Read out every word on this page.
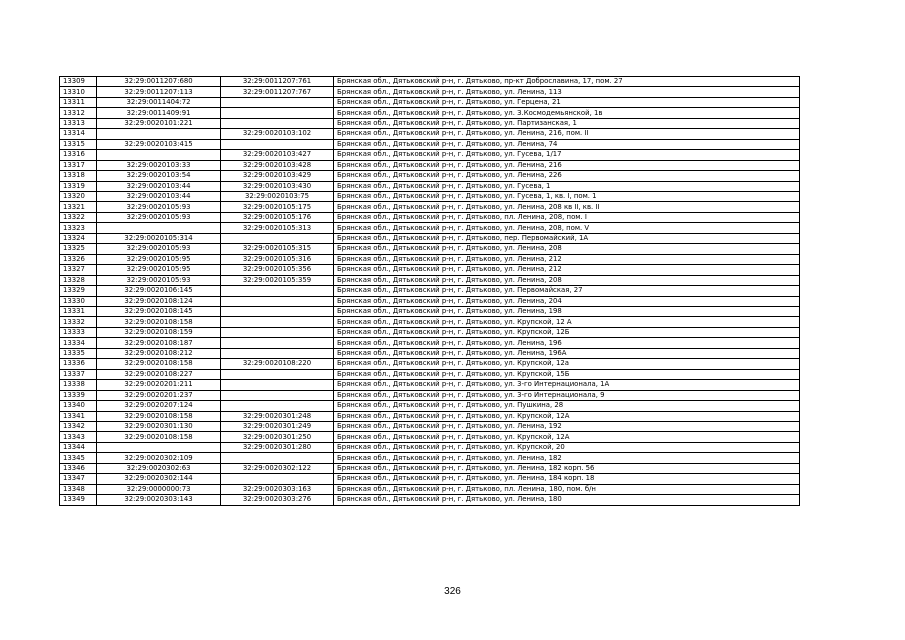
13309	32:29:0011207:680	32:29:0011207:761	Брянская обл., Дятьковский р-н, г. Дятьково, пр-кт Доброславина, 17, пом. 27
13310	32:29:0011207:113	32:29:0011207:767	Брянская обл., Дятьковский р-н, г. Дятьково, ул. Ленина, 113
13311	32:29:0011404:72		Брянская обл., Дятьковский р-н, г. Дятьково, ул. Герцена, 21
13312	32:29:0011409:91		Брянская обл., Дятьковский р-н, г. Дятьково, ул. З.Космодемьянской, 1в
13313	32:29:0020101:221		Брянская обл., Дятьковский р-н, г. Дятьково, ул. Партизанская, 1
13314		32:29:0020103:102	Брянская обл., Дятьковский р-н, г. Дятьково, ул. Ленина, 216, пом. II
13315	32:29:0020103:415		Брянская обл., Дятьковский р-н, г. Дятьково, ул. Ленина, 74
13316		32:29:0020103:427	Брянская обл., Дятьковский р-н, г. Дятьково, ул. Гусева, 1/17
13317	32:29:0020103:33	32:29:0020103:428	Брянская обл., Дятьковский р-н, г. Дятьково, ул. Ленина, 216
13318	32:29:0020103:54	32:29:0020103:429	Брянская обл., Дятьковский р-н, г. Дятьково, ул. Ленина, 226
13319	32:29:0020103:44	32:29:0020103:430	Брянская обл., Дятьковский р-н, г. Дятьково, ул. Гусева, 1
13320	32:29:0020103:44	32:29:0020103:75	Брянская обл., Дятьковский р-н, г. Дятьково, ул. Гусева, 1, кв. I, пом. 1
13321	32:29:0020105:93	32:29:0020105:175	Брянская обл., Дятьковский р-н, г. Дятьково, ул. Ленина, 208 кв II, кв. II
13322	32:29:0020105:93	32:29:0020105:176	Брянская обл., Дятьковский р-н, г. Дятьково, пл. Ленина, 208, пом. I
13323		32:29:0020105:313	Брянская обл., Дятьковский р-н, г. Дятьково, ул. Ленина, 208, пом. V
13324	32:29:0020105:314		Брянская обл., Дятьковский р-н, г. Дятьково, пер. Первомайский, 1А
13325	32:29:0020105:93	32:29:0020105:315	Брянская обл., Дятьковский р-н, г. Дятьково, ул. Ленина, 208
13326	32:29:0020105:95	32:29:0020105:316	Брянская обл., Дятьковский р-н, г. Дятьково, ул. Ленина, 212
13327	32:29:0020105:95	32:29:0020105:356	Брянская обл., Дятьковский р-н, г. Дятьково, ул. Ленина, 212
13328	32:29:0020105:93	32:29:0020105:359	Брянская обл., Дятьковский р-н, г. Дятьково, ул. Ленина, 208
13329	32:29:0020106:145		Брянская обл., Дятьковский р-н, г. Дятьково, ул. Первомайская, 27
13330	32:29:0020108:124		Брянская обл., Дятьковский р-н, г. Дятьково, ул. Ленина, 204
13331	32:29:0020108:145		Брянская обл., Дятьковский р-н, г. Дятьково, ул. Ленина, 198
13332	32:29:0020108:158		Брянская обл., Дятьковский р-н, г. Дятьково, ул. Крупской, 12 А
13333	32:29:0020108:159		Брянская обл., Дятьковский р-н, г. Дятьково, ул. Крупской, 12Б
13334	32:29:0020108:187		Брянская обл., Дятьковский р-н, г. Дятьково, ул. Ленина, 196
13335	32:29:0020108:212		Брянская обл., Дятьковский р-н, г. Дятьково, ул. Ленина, 196А
13336	32:29:0020108:158	32:29:0020108:220	Брянская обл., Дятьковский р-н, г. Дятьково, ул. Крупской, 12а
13337	32:29:0020108:227		Брянская обл., Дятьковский р-н, г. Дятьково, ул. Крупской, 15Б
13338	32:29:0020201:211		Брянская обл., Дятьковский р-н, г. Дятьково, ул. 3-го Интернационала, 1А
13339	32:29:0020201:237		Брянская обл., Дятьковский р-н, г. Дятьково, ул. 3-го Интернационала, 9
13340	32:29:0020207:124		Брянская обл., Дятьковский р-н, г. Дятьково, ул. Пушкина, 28
13341	32:29:0020108:158	32:29:0020301:248	Брянская обл., Дятьковский р-н, г. Дятьково, ул. Крупской, 12А
13342	32:29:0020301:130	32:29:0020301:249	Брянская обл., Дятьковский р-н, г. Дятьково, ул. Ленина, 192
13343	32:29:0020108:158	32:29:0020301:250	Брянская обл., Дятьковский р-н, г. Дятьково, ул. Крупской, 12А
13344		32:29:0020301:280	Брянская обл., Дятьковский р-н, г. Дятьково, ул. Крупской, 20
13345	32:29:0020302:109		Брянская обл., Дятьковский р-н, г. Дятьково, ул. Ленина, 182
13346	32:29:0020302:63	32:29:0020302:122	Брянская обл., Дятьковский р-н, г. Дятьково, ул. Ленина, 182 корп. 56
13347	32:29:0020302:144		Брянская обл., Дятьковский р-н, г. Дятьково, ул. Ленина, 184 корп. 18
13348	32:29:0000000:73	32:29:0020303:163	Брянская обл., Дятьковский р-н, г. Дятьково, пл. Ленина, 180, пом. б/н
13349	32:29:0020303:143	32:29:0020303:276	Брянская обл., Дятьковский р-н, г. Дятьково, ул. Ленина, 180
326
